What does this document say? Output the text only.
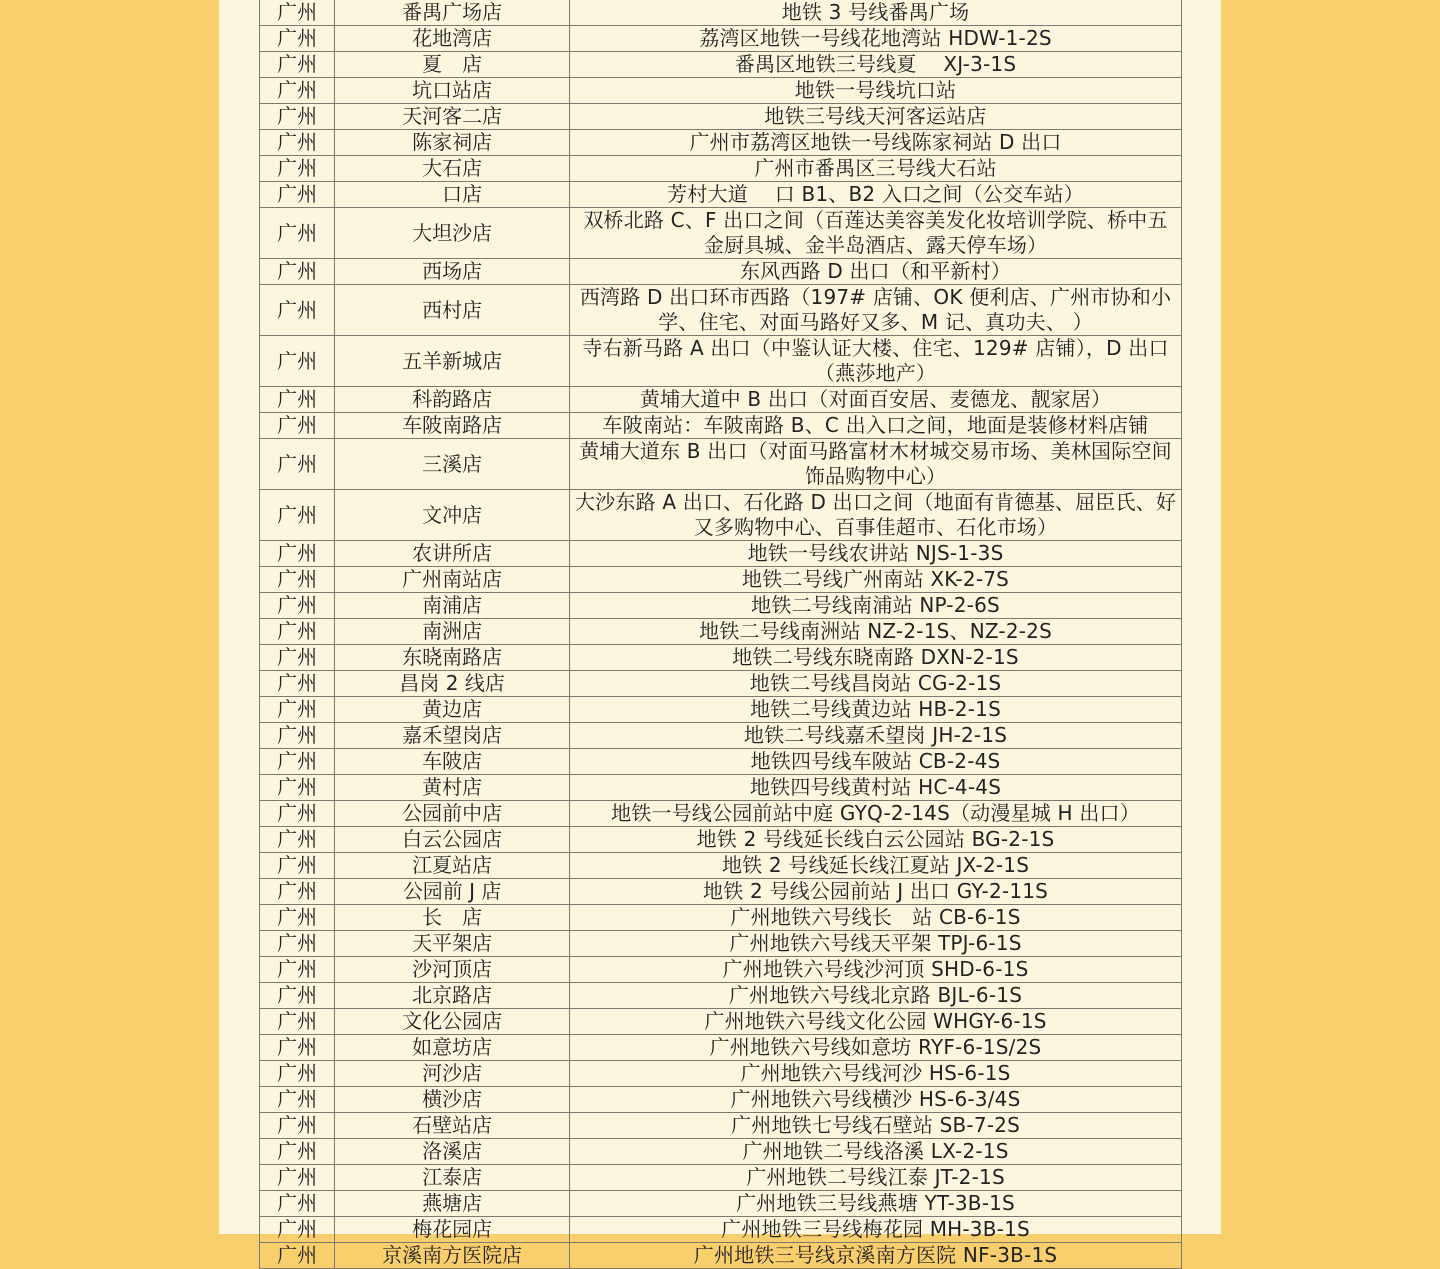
广州	番禺广场店	地铁 3 号线番禺广场
广州	花地湾店	荔湾区地铁一号线花地湾站 HDW-1-2S
广州	夏　店	番禺区地铁三号线夏　 XJ-3-1S
广州	坑口站店	地铁一号线坑口站
广州	天河客二店	地铁三号线天河客运站店
广州	陈家祠店	广州市荔湾区地铁一号线陈家祠站 D 出口
广州	大石店	广州市番禺区三号线大石站
广州	　口店	芳村大道　 口 B1、B2 入口之间（公交车站）
广州	大坦沙店	双桥北路 C、F 出口之间（百莲达美容美发化妆培训学院、桥中五金厨具城、金半岛酒店、露天停车场）
广州	西场店	东风西路 D 出口（和平新村）
广州	西村店	西湾路 D 出口环市西路（197# 店铺、OK 便利店、广州市协和小学、住宅、对面马路好又多、M 记、真功夫、 ）
广州	五羊新城店	寺右新马路 A 出口（中鉴认证大楼、住宅、129# 店铺），D 出口（燕莎地产）
广州	科韵路店	黄埔大道中 B 出口（对面百安居、麦德龙、靓家居）
广州	车陂南路店	车陂南站：车陂南路 B、C 出入口之间，地面是装修材料店铺
广州	三溪店	黄埔大道东 B 出口（对面马路富材木材城交易市场、美林国际空间饰品购物中心）
广州	文冲店	大沙东路 A 出口、石化路 D 出口之间（地面有肯德基、屈臣氏、好又多购物中心、百事佳超市、石化市场）
广州	农讲所店	地铁一号线农讲站 NJS-1-3S
广州	广州南站店	地铁二号线广州南站 XK-2-7S
广州	南浦店	地铁二号线南浦站 NP-2-6S
广州	南洲店	地铁二号线南洲站 NZ-2-1S、NZ-2-2S
广州	东晓南路店	地铁二号线东晓南路 DXN-2-1S
广州	昌岗 2 线店	地铁二号线昌岗站 CG-2-1S
广州	黄边店	地铁二号线黄边站 HB-2-1S
广州	嘉禾望岗店	地铁二号线嘉禾望岗 JH-2-1S
广州	车陂店	地铁四号线车陂站 CB-2-4S
广州	黄村店	地铁四号线黄村站 HC-4-4S
广州	公园前中店	地铁一号线公园前站中庭 GYQ-2-14S（动漫星城 H 出口）
广州	白云公园店	地铁 2 号线延长线白云公园站 BG-2-1S
广州	江夏站店	地铁 2 号线延长线江夏站 JX-2-1S
广州	公园前 J 店	地铁 2 号线公园前站 J 出口 GY-2-11S
广州	长　店	广州地铁六号线长　站 CB-6-1S
广州	天平架店	广州地铁六号线天平架 TPJ-6-1S
广州	沙河顶店	广州地铁六号线沙河顶 SHD-6-1S
广州	北京路店	广州地铁六号线北京路 BJL-6-1S
广州	文化公园店	广州地铁六号线文化公园 WHGY-6-1S
广州	如意坊店	广州地铁六号线如意坊 RYF-6-1S/2S
广州	河沙店	广州地铁六号线河沙 HS-6-1S
广州	横沙店	广州地铁六号线横沙 HS-6-3/4S
广州	石壁站店	广州地铁七号线石壁站 SB-7-2S
广州	洛溪店	广州地铁二号线洛溪 LX-2-1S
广州	江泰店	广州地铁二号线江泰 JT-2-1S
广州	燕塘店	广州地铁三号线燕塘 YT-3B-1S
广州	梅花园店	广州地铁三号线梅花园 MH-3B-1S
广州	京溪南方医院店	广州地铁三号线京溪南方医院 NF-3B-1S
